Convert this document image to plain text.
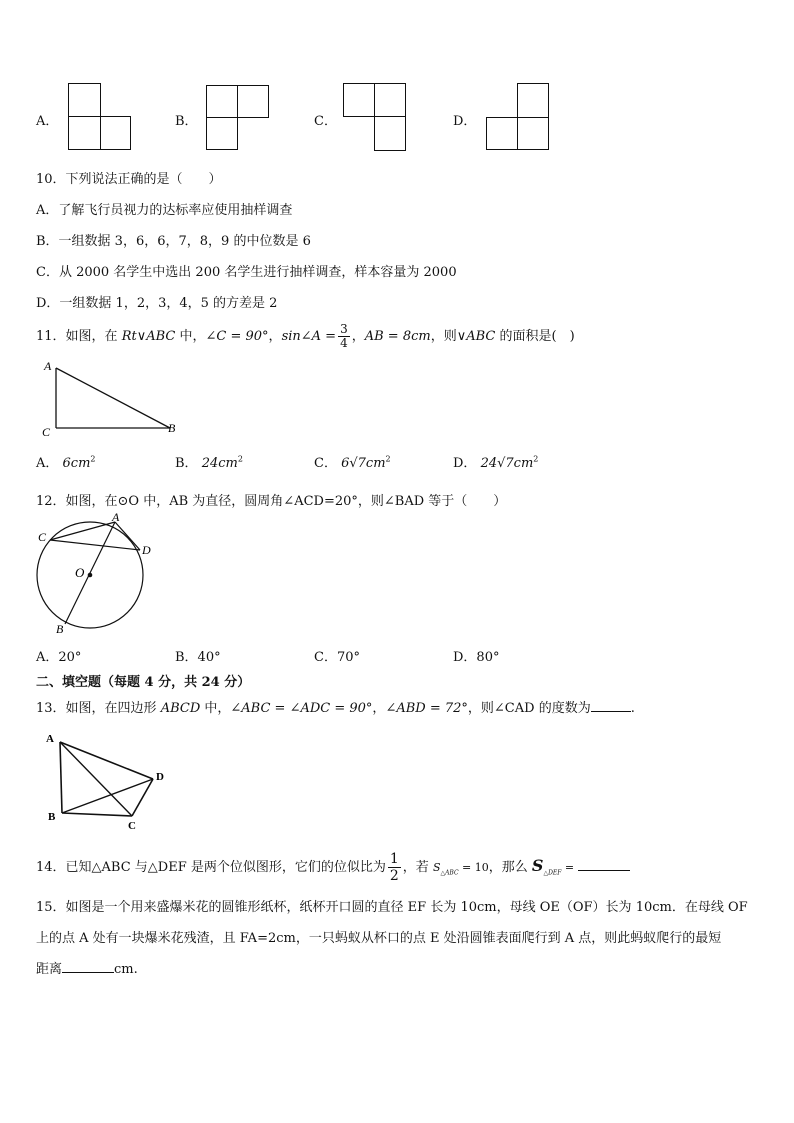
A．	B．	C．	D．
10．下列说法正确的是（　　）
A．了解飞行员视力的达标率应使用抽样调查
B．一组数据 3，6，6，7，8，9 的中位数是 6
C．从 2000 名学生中选出 200 名学生进行抽样调查，样本容量为 2000
D．一组数据 1，2，3，4，5 的方差是 2
11．如图，在 Rt∨ABC 中，∠C = 90°，sin∠A = $\frac{3}{4}$ ，AB = 8cm，则∨ABC 的面积是(　)
A
C	B
A． $6cm^2$	B． $24cm^2$	C． $6√7cm^2$	D． $24√7cm^2$
12．如图，在⊙O 中，AB 为直径，圆周角∠ACD=20°，则∠BAD 等于（　　）
A
C
D
O
B
A．20°	B．40°	C．70°	D．80°
二、填空题（每题 4 分，共 24 分）
13．如图，在四边形 ABCD 中，∠ABC = ∠ADC = 90°，∠ABD = 72°，则∠CAD 的度数为	.
A
B
C
D
14．已知△ABC 与△DEF 是两个位似图形，它们的位似比为 $\frac{1}{2}$ ，若 $S_{\triangle ABC} = 10$，那么 $S_{\triangle DEF}$ =
15．如图是一个用来盛爆米花的圆锥形纸杯，纸杯开口圆的直径 EF 长为 10cm，母线 OE（OF）长为 10cm．在母线 OF
上的点 A 处有一块爆米花残渣，且 FA=2cm，一只蚂蚁从杯口的点 E 处沿圆锥表面爬行到 A 点，则此蚂蚁爬行的最短
距离	cm.
